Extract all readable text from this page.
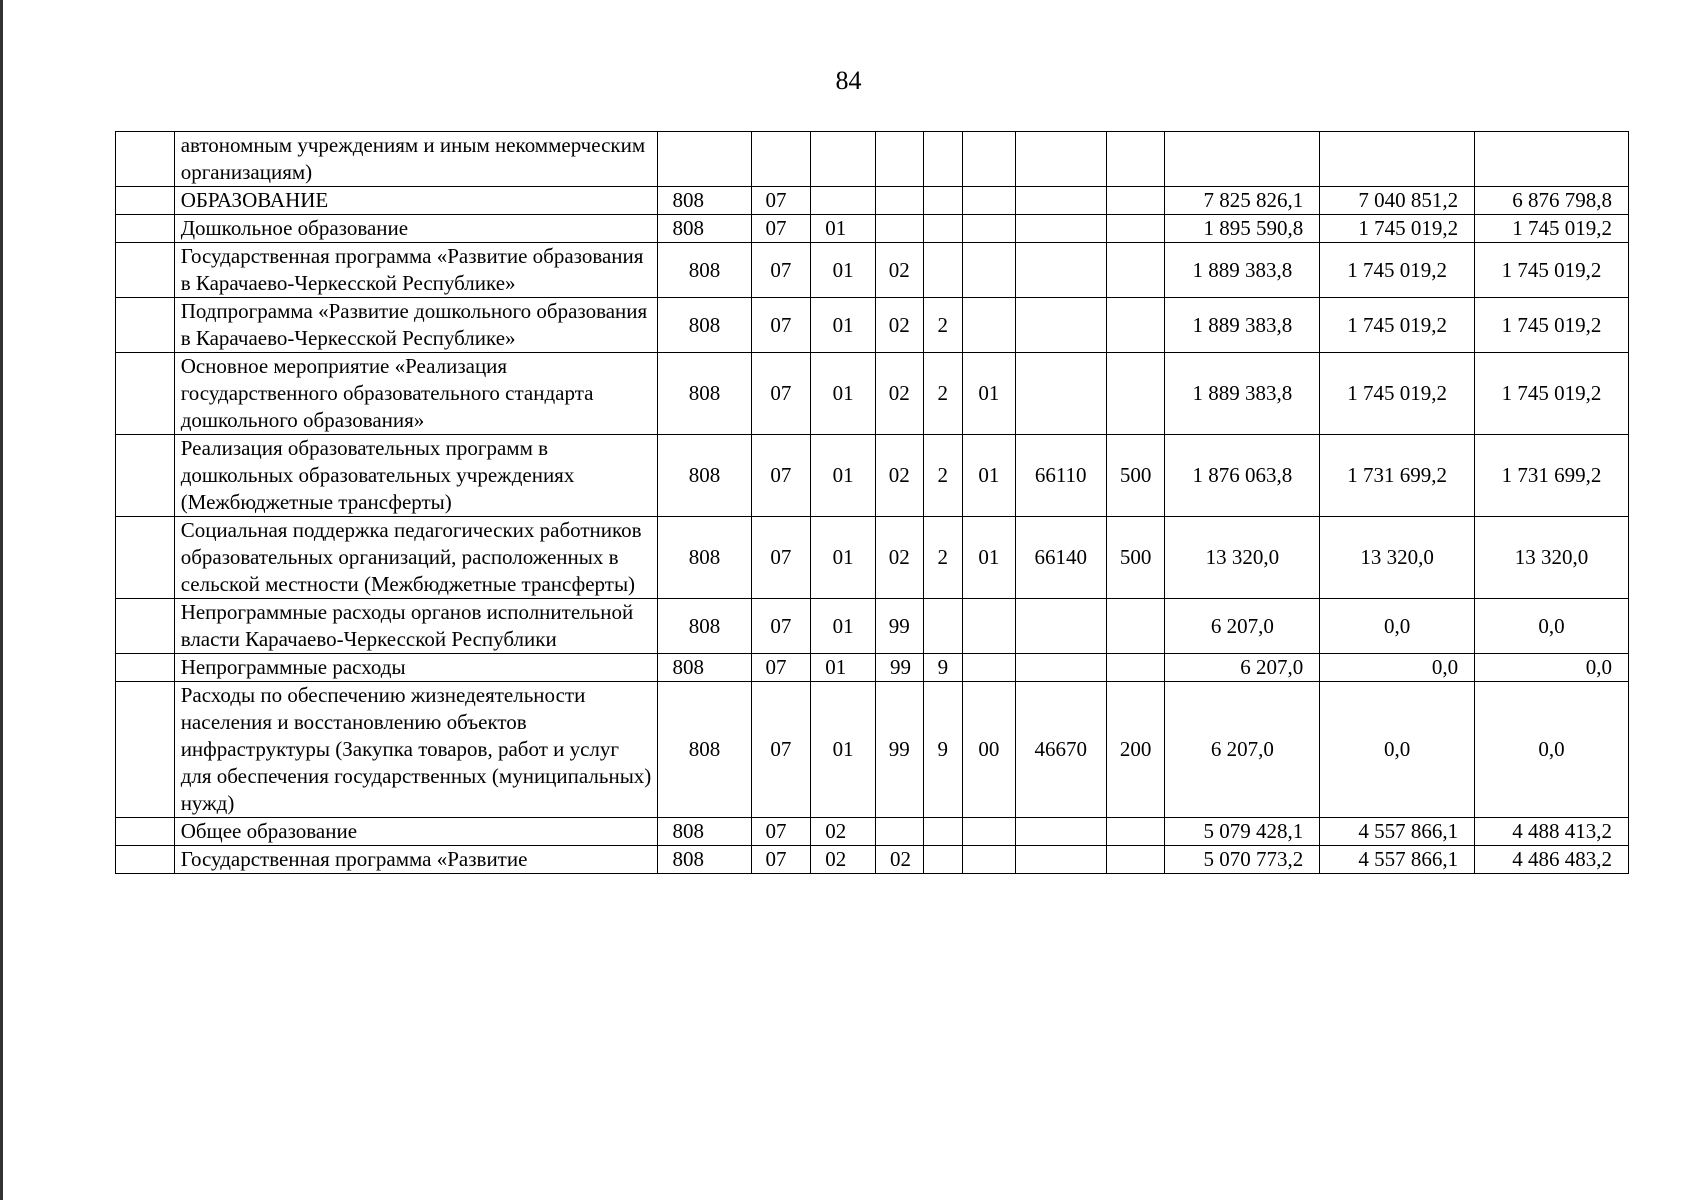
84
	автономным учреждениям и иным некоммерческим организациям)											
	ОБРАЗОВАНИЕ	808	07							7 825 826,1	7 040 851,2	6 876 798,8
	Дошкольное образование	808	07	01						1 895 590,8	1 745 019,2	1 745 019,2
	Государственная программа «Развитие образования в Карачаево-Черкесской Республике»	808	07	01	02					1 889 383,8	1 745 019,2	1 745 019,2
	Подпрограмма «Развитие дошкольного образования в Карачаево-Черкесской Республике»	808	07	01	02	2				1 889 383,8	1 745 019,2	1 745 019,2
	Основное мероприятие «Реализация государственного образовательного стандарта дошкольного образования»	808	07	01	02	2	01			1 889 383,8	1 745 019,2	1 745 019,2
	Реализация образовательных программ в дошкольных образовательных учреждениях (Межбюджетные трансферты)	808	07	01	02	2	01	66110	500	1 876 063,8	1 731 699,2	1 731 699,2
	Социальная поддержка педагогических работников образовательных организаций, расположенных в сельской местности (Межбюджетные трансферты)	808	07	01	02	2	01	66140	500	13 320,0	13 320,0	13 320,0
	Непрограммные расходы органов исполнительной власти Карачаево-Черкесской Республики	808	07	01	99					6 207,0	0,0	0,0
	Непрограммные расходы	808	07	01	99	9				6 207,0	0,0	0,0
	Расходы по обеспечению жизнедеятельности населения и восстановлению объектов инфраструктуры (Закупка товаров, работ и услуг для обеспечения государственных (муниципальных) нужд)	808	07	01	99	9	00	46670	200	6 207,0	0,0	0,0
	Общее образование	808	07	02						5 079 428,1	4 557 866,1	4 488 413,2
	Государственная программа «Развитие	808	07	02	02					5 070 773,2	4 557 866,1	4 486 483,2
